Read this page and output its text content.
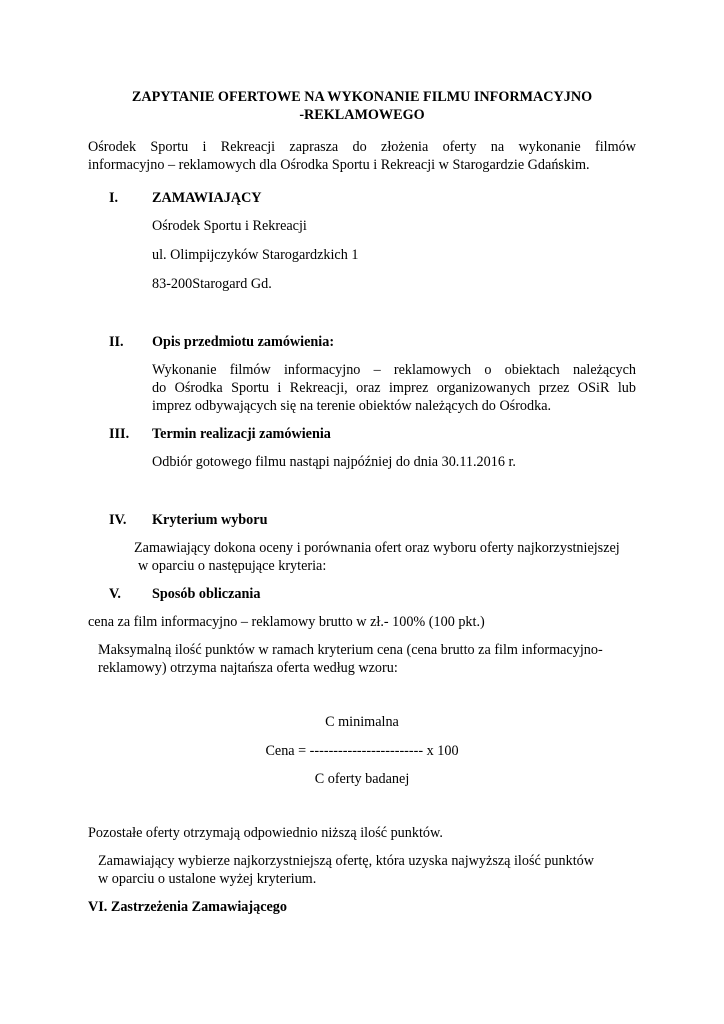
ZAPYTANIE OFERTOWE NA WYKONANIE FILMU INFORMACYJNO
-REKLAMOWEGO
Ośrodek Sportu i Rekreacji zaprasza do złożenia oferty na wykonanie filmów
informacyjno – reklamowych dla Ośrodka Sportu i Rekreacji w Starogardzie Gdańskim.
I. ZAMAWIAJĄCY
Ośrodek Sportu i Rekreacji
ul. Olimpijczyków Starogardzkich 1
83-200Starogard Gd.
II. Opis przedmiotu zamówienia:
Wykonanie filmów informacyjno – reklamowych o obiektach należących
do Ośrodka Sportu i Rekreacji, oraz imprez organizowanych przez OSiR lub
imprez odbywających się na terenie obiektów należących do Ośrodka.
III. Termin realizacji zamówienia
Odbiór gotowego filmu nastąpi najpóźniej do dnia 30.11.2016 r.
IV. Kryterium wyboru
Zamawiający dokona oceny i porównania ofert oraz wyboru oferty najkorzystniejszej
w oparciu o następujące kryteria:
V. Sposób obliczania
cena za film informacyjno – reklamowy brutto w zł.- 100% (100 pkt.)
Maksymalną ilość punktów w ramach kryterium cena (cena brutto za film informacyjno-
reklamowy) otrzyma najtańsza oferta według wzoru:
C minimalna
Cena = ------------------------ x 100
C oferty badanej
Pozostałe oferty otrzymają odpowiednio niższą ilość punktów.
Zamawiający wybierze najkorzystniejszą ofertę, która uzyska najwyższą ilość punktów
w oparciu o ustalone wyżej kryterium.
VI. Zastrzeżenia Zamawiającego
